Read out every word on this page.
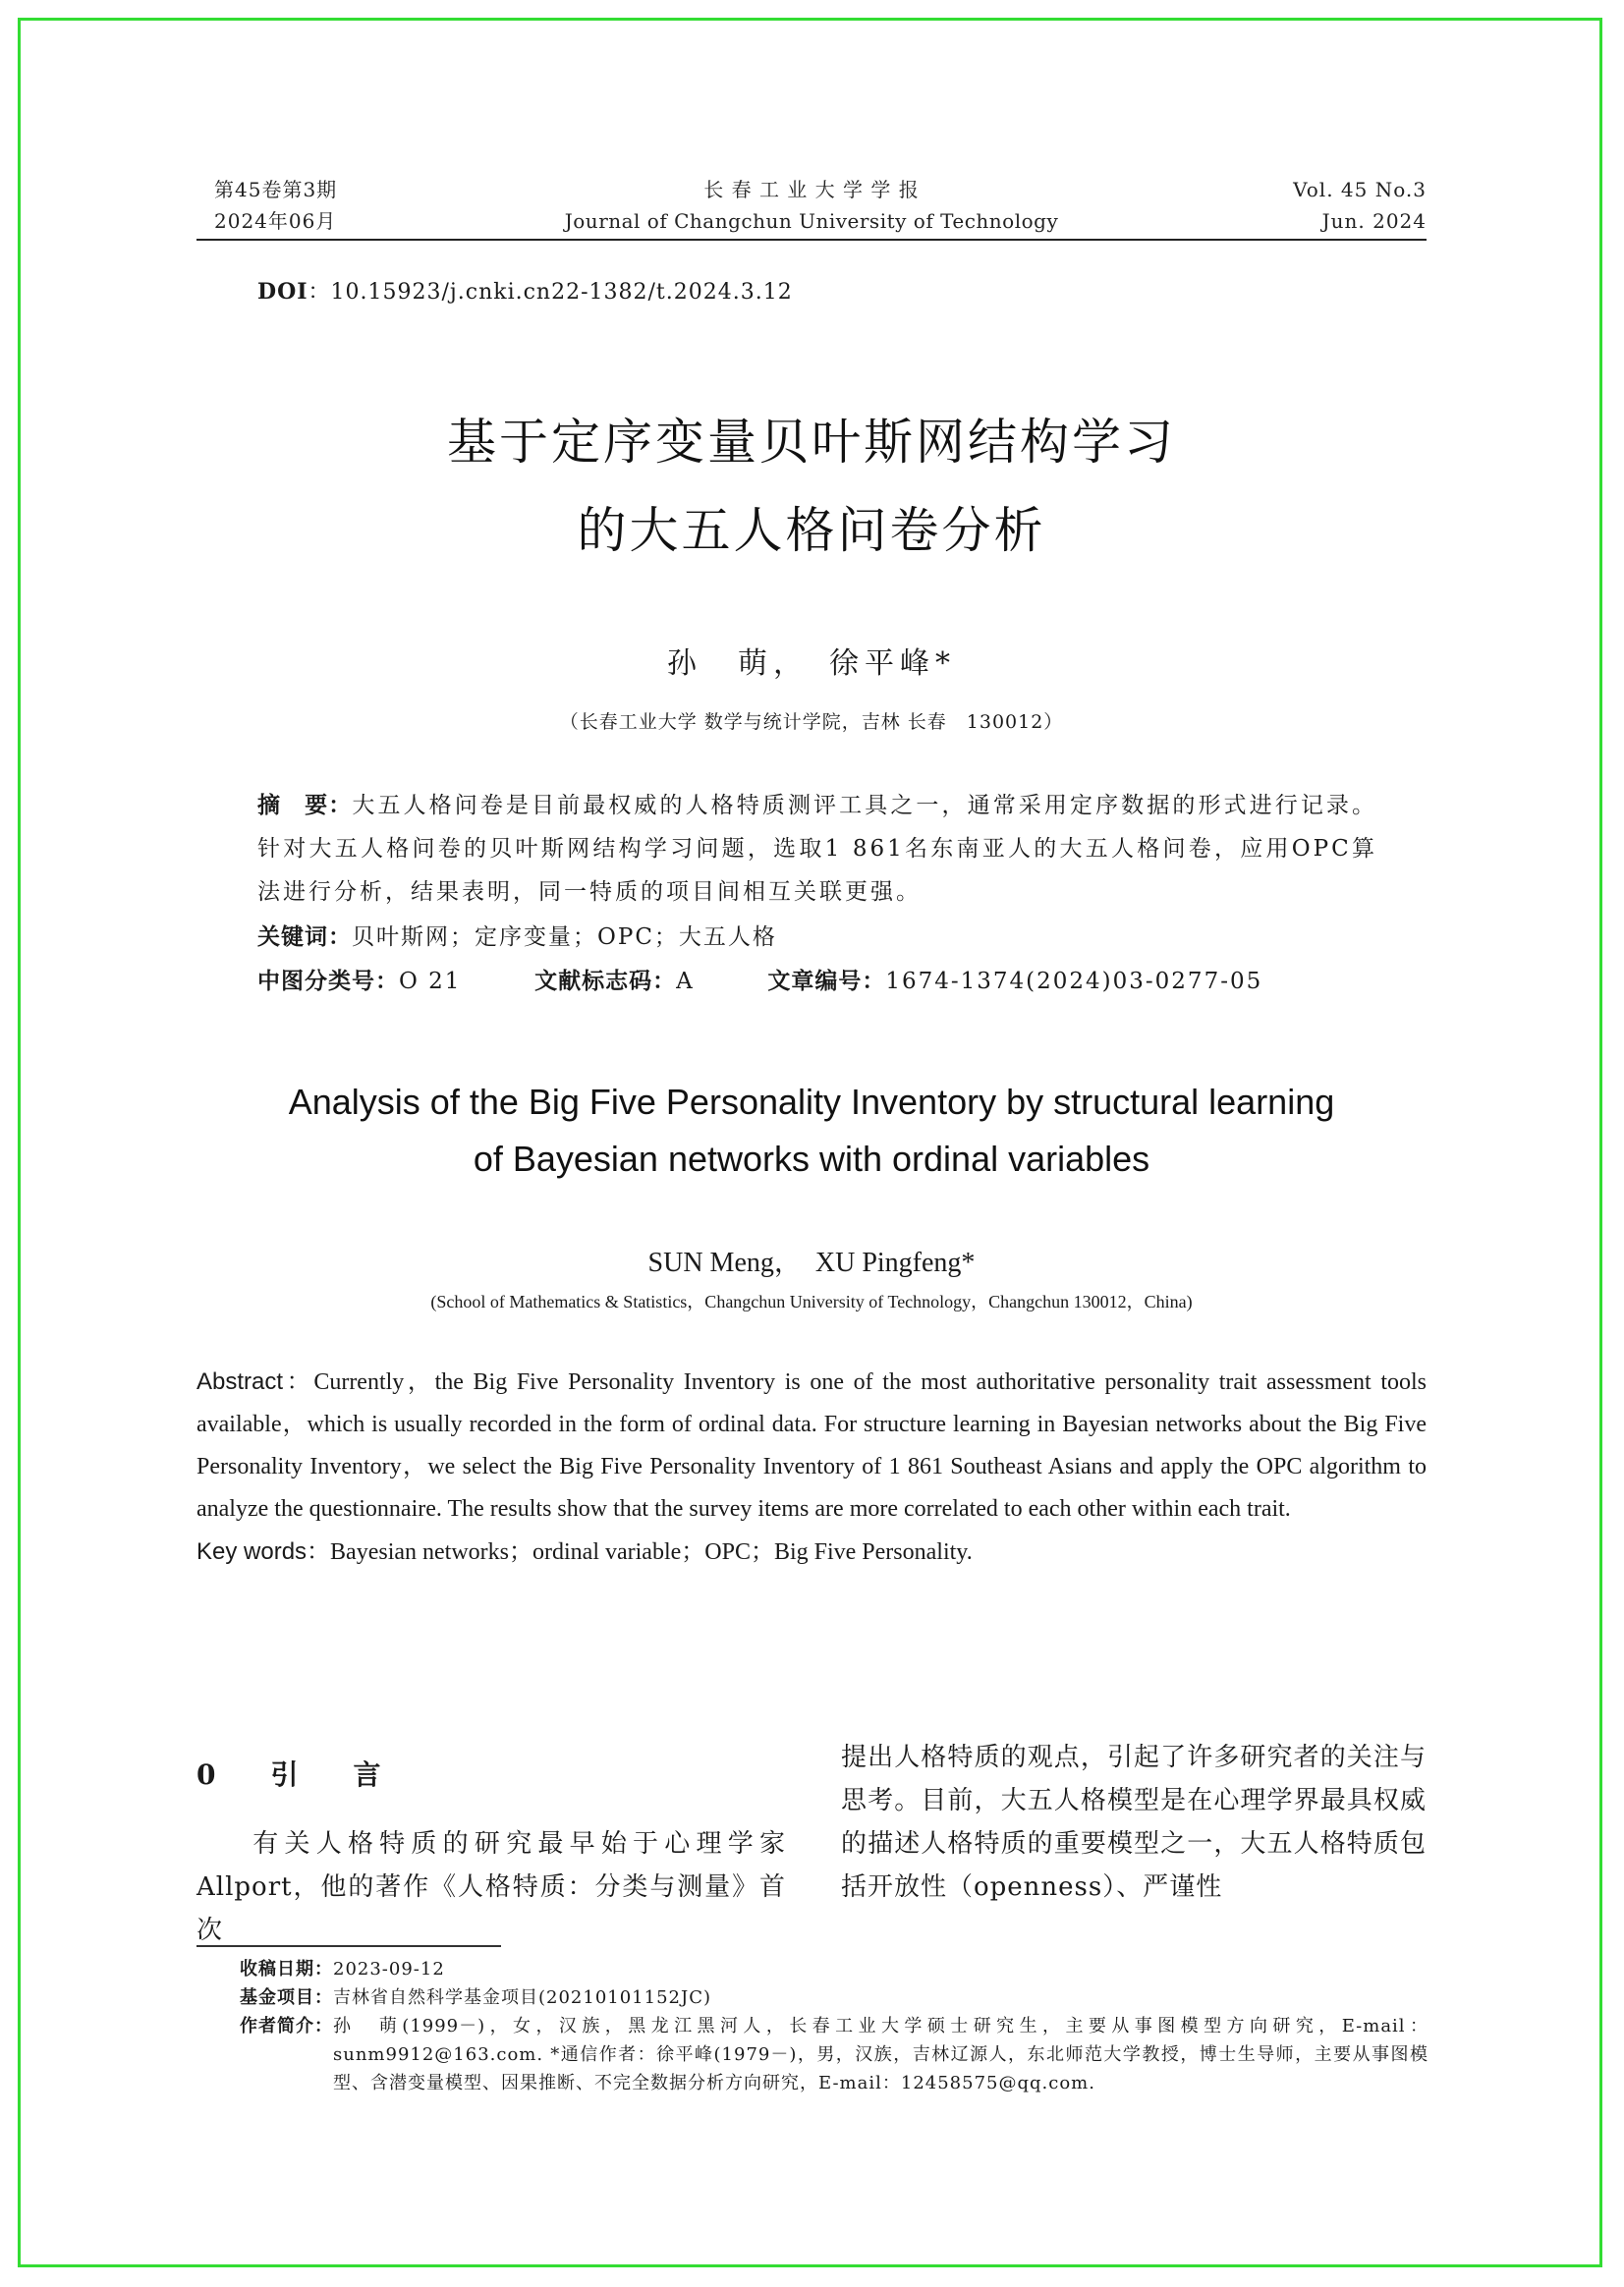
第45卷第3期
2024年06月
长 春 工 业 大 学 学 报
Journal of Changchun University of Technology
Vol. 45 No.3
Jun. 2024
DOI：10.15923/j.cnki.cn22-1382/t.2024.3.12
基于定序变量贝叶斯网结构学习
的大五人格问卷分析
孙　萌，　徐平峰*
（长春工业大学 数学与统计学院，吉林 长春　130012）
摘　要：大五人格问卷是目前最权威的人格特质测评工具之一，通常采用定序数据的形式进行记录。针对大五人格问卷的贝叶斯网结构学习问题，选取1 861名东南亚人的大五人格问卷，应用OPC算法进行分析，结果表明，同一特质的项目间相互关联更强。
关键词：贝叶斯网；定序变量；OPC；大五人格
中图分类号：O 21	文献标志码：A	文章编号：1674-1374(2024)03-0277-05
Analysis of the Big Five Personality Inventory by structural learning
of Bayesian networks with ordinal variables
SUN Meng，　XU Pingfeng*
(School of Mathematics & Statistics，Changchun University of Technology，Changchun 130012，China)
Abstract：Currently，the Big Five Personality Inventory is one of the most authoritative personality trait assessment tools available，which is usually recorded in the form of ordinal data. For structure learning in Bayesian networks about the Big Five Personality Inventory，we select the Big Five Personality Inventory of 1 861 Southeast Asians and apply the OPC algorithm to analyze the questionnaire. The results show that the survey items are more correlated to each other within each trait.
Key words：Bayesian networks；ordinal variable；OPC；Big Five Personality.
0　引　言
有关人格特质的研究最早始于心理学家Allport，他的著作《人格特质：分类与测量》首次
提出人格特质的观点，引起了许多研究者的关注与思考。目前，大五人格模型是在心理学界最具权威的描述人格特质的重要模型之一，大五人格特质包括开放性（openness）、严谨性
收稿日期：2023-09-12
基金项目：吉林省自然科学基金项目(20210101152JC)
作者简介： 孙　萌(1999－)，女，汉族，黑龙江黑河人，长春工业大学硕士研究生，主要从事图模型方向研究，E-mail：sunm9912@163.com. *通信作者：徐平峰(1979－)，男，汉族，吉林辽源人，东北师范大学教授，博士生导师，主要从事图模型、含潜变量模型、因果推断、不完全数据分析方向研究，E-mail：12458575@qq.com.
